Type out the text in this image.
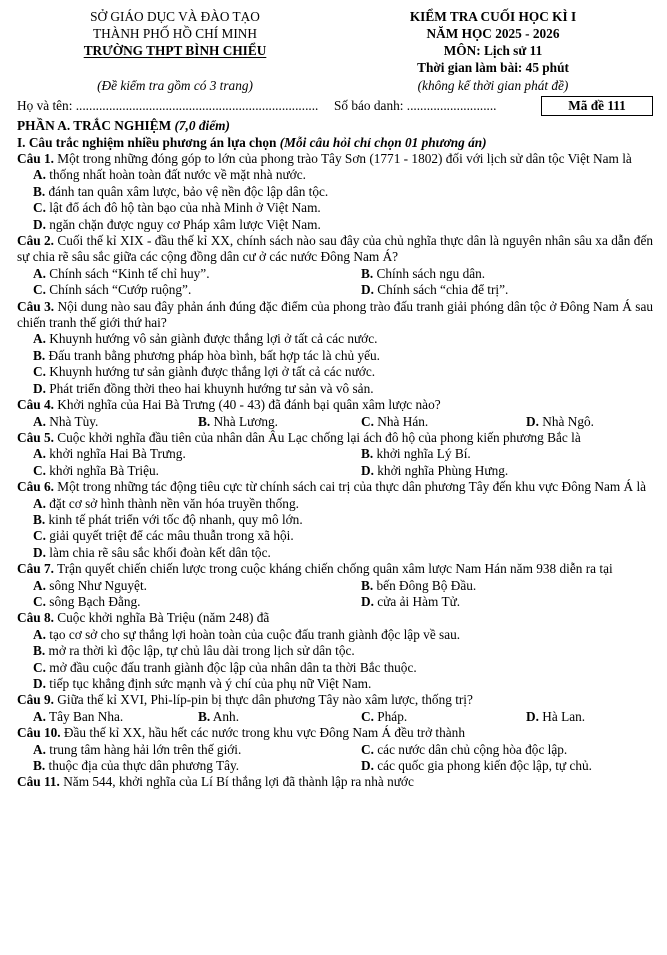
SỞ GIÁO DỤC VÀ ĐÀO TẠO
THÀNH PHỐ HỒ CHÍ MINH
TRƯỜNG THPT BÌNH CHIỂU
KIỂM TRA CUỐI HỌC KÌ I
NĂM HỌC 2025 - 2026
MÔN: Lịch sử 11
Thời gian làm bài: 45 phút
(Đề kiểm tra gồm có 3 trang)	(không kể thời gian phát đề)
Họ và tên: ......................................................................... Số báo danh: ...........................	Mã đề 111
PHẦN A. TRẮC NGHIỆM (7,0 điểm)
I. Câu trắc nghiệm nhiều phương án lựa chọn (Mỗi câu hỏi chỉ chọn 01 phương án)
Câu 1. Một trong những đóng góp to lớn của phong trào Tây Sơn (1771 - 1802) đối với lịch sử dân tộc Việt Nam là
A. thống nhất hoàn toàn đất nước về mặt nhà nước.
B. đánh tan quân xâm lược, bảo vệ nền độc lập dân tộc.
C. lật đổ ách đô hộ tàn bạo của nhà Minh ở Việt Nam.
D. ngăn chặn được nguy cơ Pháp xâm lược Việt Nam.
Câu 2. Cuối thế kỉ XIX - đầu thế kỉ XX, chính sách nào sau đây của chủ nghĩa thực dân là nguyên nhân sâu xa dẫn đến sự chia rẽ sâu sắc giữa các cộng đồng dân cư ở các nước Đông Nam Á?
A. Chính sách “Kinh tế chỉ huy”.	B. Chính sách ngu dân.
C. Chính sách “Cướp ruộng”.	D. Chính sách “chia để trị”.
Câu 3. Nội dung nào sau đây phản ánh đúng đặc điểm của phong trào đấu tranh giải phóng dân tộc ở Đông Nam Á sau chiến tranh thế giới thứ hai?
A. Khuynh hướng vô sản giành được thắng lợi ở tất cả các nước.
B. Đấu tranh bằng phương pháp hòa bình, bất hợp tác là chủ yếu.
C. Khuynh hướng tư sản giành được thắng lợi ở tất cả các nước.
D. Phát triển đồng thời theo hai khuynh hướng tư sản và vô sản.
Câu 4. Khởi nghĩa của Hai Bà Trưng (40 - 43) đã đánh bại quân xâm lược nào?
A. Nhà Tùy.	B. Nhà Lương.	C. Nhà Hán.	D. Nhà Ngô.
Câu 5. Cuộc khởi nghĩa đầu tiên của nhân dân Âu Lạc chống lại ách đô hộ của phong kiến phương Bắc là
A. khởi nghĩa Hai Bà Trưng.	B. khởi nghĩa Lý Bí.
C. khởi nghĩa Bà Triệu.	D. khởi nghĩa Phùng Hưng.
Câu 6. Một trong những tác động tiêu cực từ chính sách cai trị của thực dân phương Tây đến khu vực Đông Nam Á là
A. đặt cơ sở hình thành nền văn hóa truyền thống.
B. kinh tế phát triển với tốc độ nhanh, quy mô lớn.
C. giải quyết triệt để các mâu thuẫn trong xã hội.
D. làm chia rẽ sâu sắc khối đoàn kết dân tộc.
Câu 7. Trận quyết chiến chiến lược trong cuộc kháng chiến chống quân xâm lược Nam Hán năm 938 diễn ra tại
A. sông Như Nguyệt.	B. bến Đông Bộ Đầu.
C. sông Bạch Đằng.	D. cửa ải Hàm Tử.
Câu 8. Cuộc khởi nghĩa Bà Triệu (năm 248) đã
A. tạo cơ sở cho sự thắng lợi hoàn toàn của cuộc đấu tranh giành độc lập về sau.
B. mở ra thời kì độc lập, tự chủ lâu dài trong lịch sử dân tộc.
C. mở đầu cuộc đấu tranh giành độc lập của nhân dân ta thời Bắc thuộc.
D. tiếp tục khẳng định sức mạnh và ý chí của phụ nữ Việt Nam.
Câu 9. Giữa thế kỉ XVI, Phi-líp-pin bị thực dân phương Tây nào xâm lược, thống trị?
A. Tây Ban Nha.	B. Anh.	C. Pháp.	D. Hà Lan.
Câu 10. Đầu thế kỉ XX, hầu hết các nước trong khu vực Đông Nam Á đều trở thành
A. trung tâm hàng hải lớn trên thế giới.	C. các nước dân chủ cộng hòa độc lập.
B. thuộc địa của thực dân phương Tây.	D. các quốc gia phong kiến độc lập, tự chủ.
Câu 11. Năm 544, khởi nghĩa của Lí Bí thắng lợi đã thành lập ra nhà nước
